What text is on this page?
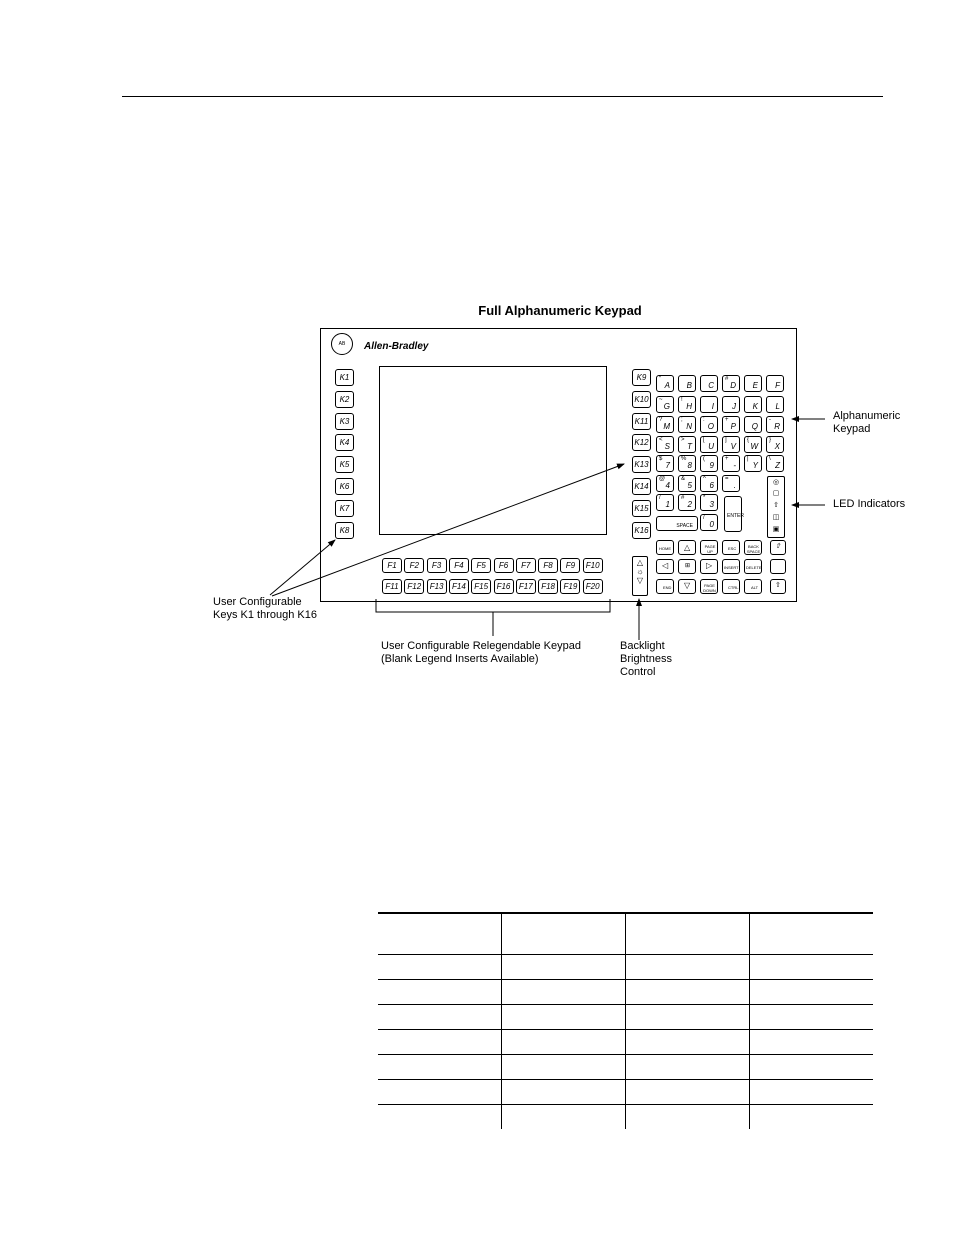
Full Alphanumeric Keypad
AB	Allen-Bradley
K1
K2
K3
K4
K5
K6
K7
K8
K9
K10
K11
K12
K13
K14
K15
K16
F1
F11
F2
F12
F3
F13
F4
F14
F5
F15
F6
F16
F7
F17
F8
F18
F9
F19
F10
F20
A
“
B
`
C D
#
E F
G
~
H
!
I J K L
M
?
N
;
O
:
P
+
Q R
-
S
<
T
>
U
[
V
]
W
{
X
}
7
$
8
%
9
(
-
+
Y
|
Z
\
4
@
5
&
6
^
.
=
1
/
2
#
3
*
0
/
SPACE
ENTER
HOME △	PAGE UP
ESC	BACK SPACE
⇧
◁	⊞ ▷	INSERT DELETE
END ▽	PAGE DOWN
CTRL	ALT ⇧
◎
▢
⇧
◫
▣
△
☼
▽
Alphanumeric
Keypad
LED Indicators
User Configurable
Keys K1 through K16
User Configurable Relegendable Keypad
(Blank Legend Inserts Available)
Backlight
Brightness
Control
